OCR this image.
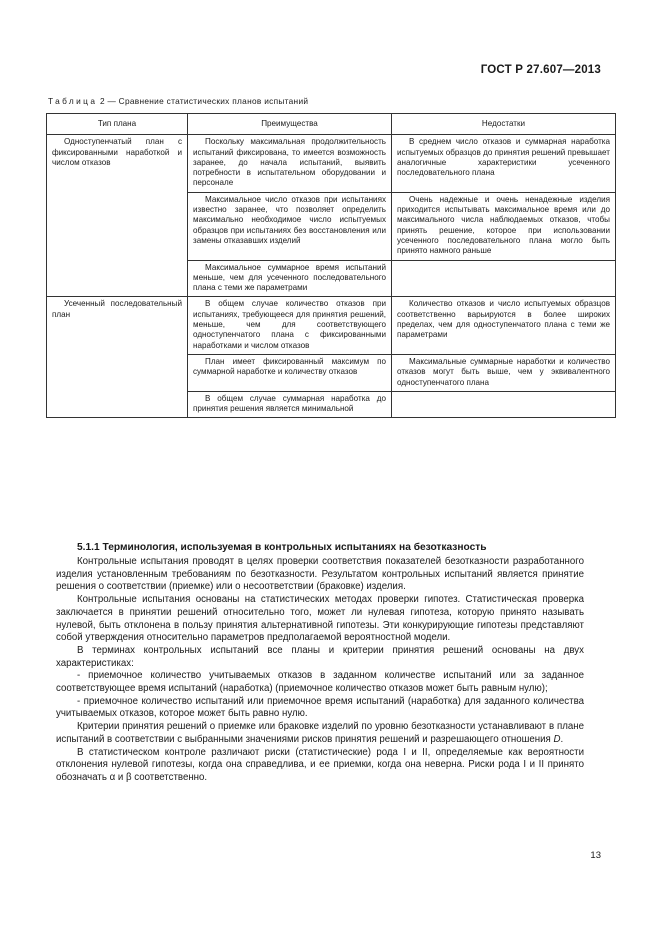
ГОСТ Р 27.607—2013
Таблица 2 — Сравнение статистических планов испытаний
Тип плана	Преимущества	Недостатки
Одноступенчатый план с фиксированными наработкой и числом отказов	Поскольку максимальная продолжительность испытаний фиксирована, то имеется возможность заранее, до начала испытаний, выявить потребности в испытательном оборудовании и персонале	В среднем число отказов и суммарная наработка испытуемых образцов до принятия решений превышает аналогичные характеристики усеченного последовательного плана
	Максимальное число отказов при испытаниях известно заранее, что позволяет определить максимально необходимое число испытуемых образцов при испытаниях без восстановления или замены отказавших изделий	Очень надежные и очень ненадежные изделия приходится испытывать максимальное время или до максимального числа наблюдаемых отказов, чтобы принять решение, которое при использовании усеченного последовательного плана могло быть принято намного раньше
	Максимальное суммарное время испытаний меньше, чем для усеченного последовательного плана с теми же параметрами	
Усеченный последовательный план	В общем случае количество отказов при испытаниях, требующееся для принятия решений, меньше, чем для соответствующего одноступенчатого плана с фиксированными наработками и числом отказов	Количество отказов и число испытуемых образцов соответственно варьируются в более широких пределах, чем для одноступенчатого плана с теми же параметрами
	План имеет фиксированный максимум по суммарной наработке и количеству отказов	Максимальные суммарные наработки и количество отказов могут быть выше, чем у эквивалентного одноступенчатого плана
	В общем случае суммарная наработка до принятия решения является минимальной	
5.1.1 Терминология, используемая в контрольных испытаниях на безотказность

Контрольные испытания проводят в целях проверки соответствия показателей безотказности разработанного изделия установленным требованиям по безотказности. Результатом контрольных испытаний является принятие решения о соответствии (приемке) или о несоответствии (браковке) изделия.

Контрольные испытания основаны на статистических методах проверки гипотез. Статистическая проверка заключается в принятии решений относительно того, может ли нулевая гипотеза, которую принято называть нулевой, быть отклонена в пользу принятия альтернативной гипотезы. Эти конкурирующие гипотезы представляют собой утверждения относительно параметров предполагаемой вероятностной модели.

В терминах контрольных испытаний все планы и критерии принятия решений основаны на двух характеристиках:

- приемочное количество учитываемых отказов в заданном количестве испытаний или за заданное соответствующее время испытаний (наработка) (приемочное количество отказов может быть равным нулю);

- приемочное количество испытаний или приемочное время испытаний (наработка) для заданного количества учитываемых отказов, которое может быть равно нулю.

Критерии принятия решений о приемке или браковке изделий по уровню безотказности устанавливают в плане испытаний в соответствии с выбранными значениями рисков принятия решений и разрешающего отношения D.

В статистическом контроле различают риски (статистические) рода I и II, определяемые как вероятности отклонения нулевой гипотезы, когда она справедлива, и ее приемки, когда она неверна. Риски рода I и II принято обозначать α и β соответственно.

13
